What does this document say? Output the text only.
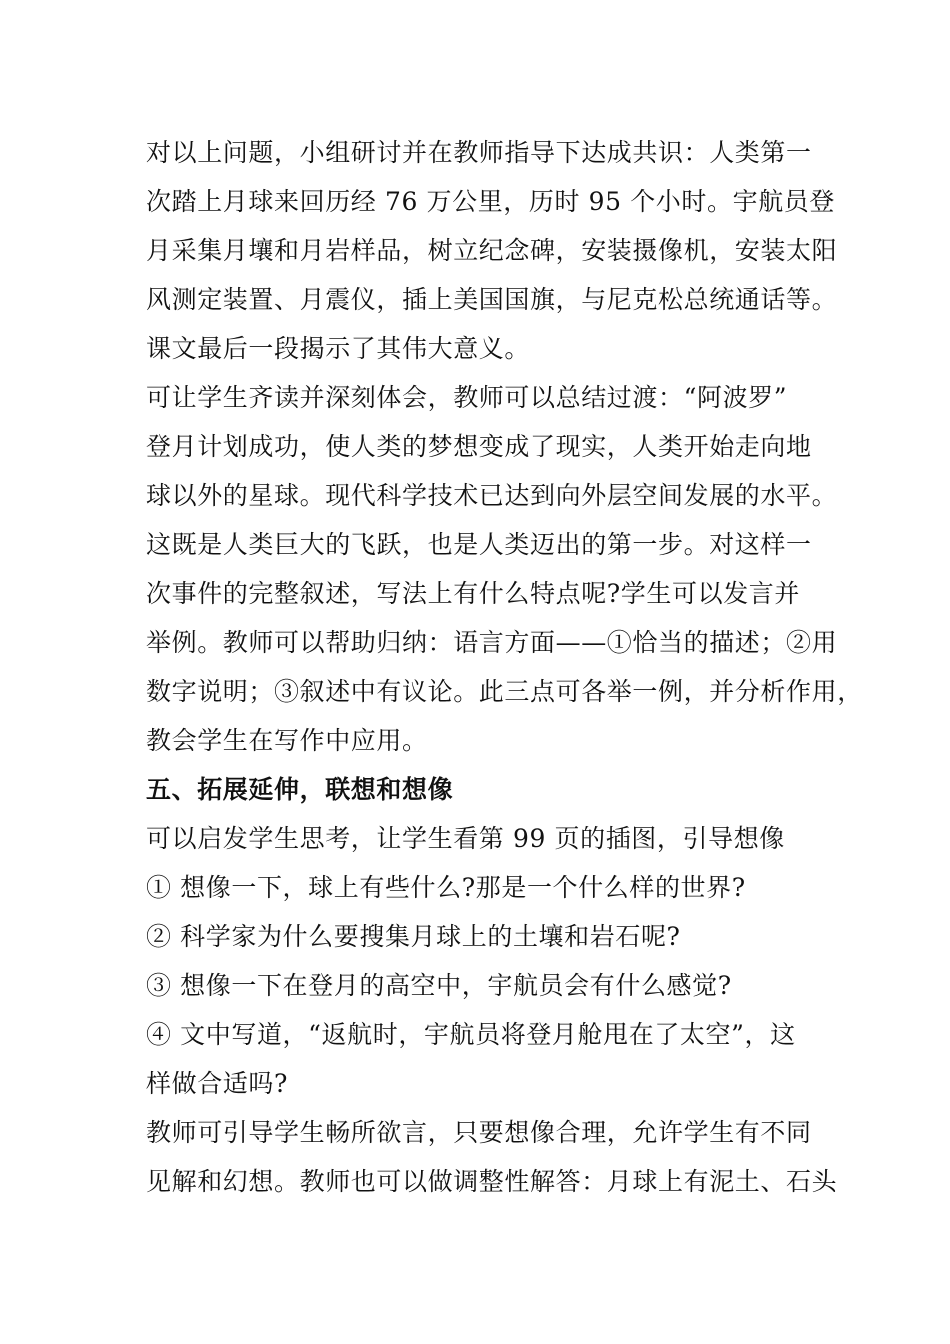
对以上问题，小组研讨并在教师指导下达成共识：人类第一
次踏上月球来回历经 76 万公里，历时 95 个小时。宇航员登
月采集月壤和月岩样品，树立纪念碑，安装摄像机，安装太阳
风测定装置、月震仪，插上美国国旗，与尼克松总统通话等。
课文最后一段揭示了其伟大意义。
可让学生齐读并深刻体会，教师可以总结过渡：“阿波罗”
登月计划成功，使人类的梦想变成了现实，人类开始走向地
球以外的星球。现代科学技术已达到向外层空间发展的水平。
这既是人类巨大的飞跃，也是人类迈出的第一步。对这样一
次事件的完整叙述，写法上有什么特点呢?学生可以发言并
举例。教师可以帮助归纳：语言方面——①恰当的描述；②用
数字说明；③叙述中有议论。此三点可各举一例，并分析作用，
教会学生在写作中应用。
五、拓展延伸，联想和想像
可以启发学生思考，让学生看第 99 页的插图，引导想像
① 想像一下，球上有些什么?那是一个什么样的世界?
② 科学家为什么要搜集月球上的土壤和岩石呢?
③ 想像一下在登月的高空中，宇航员会有什么感觉?
④ 文中写道，“返航时，宇航员将登月舱甩在了太空”，这
样做合适吗?
教师可引导学生畅所欲言，只要想像合理，允许学生有不同
见解和幻想。教师也可以做调整性解答：月球上有泥土、石头
